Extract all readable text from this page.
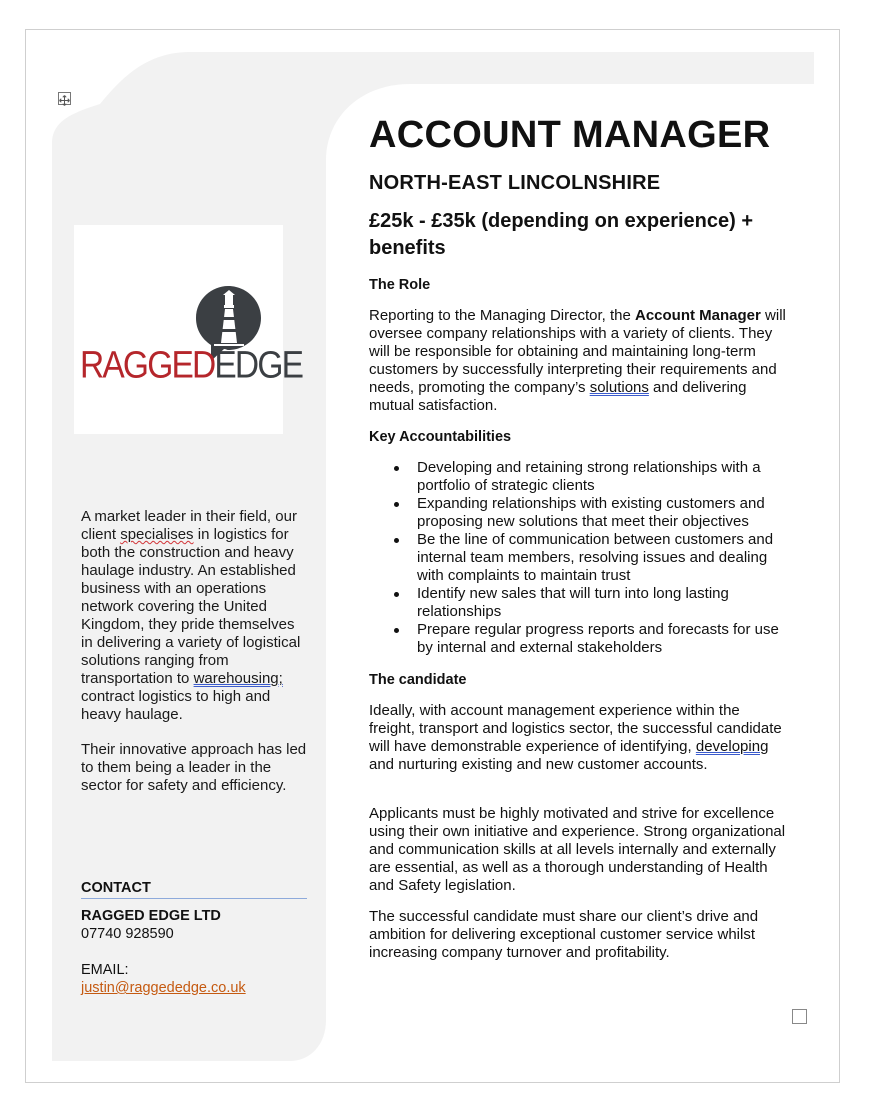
RAGGEDEDGE

A market leader in their field, our client specialises in logistics for both the construction and heavy haulage industry. An established business with an operations network covering the United Kingdom, they pride themselves in delivering a variety of logistical solutions ranging from transportation to warehousing; contract logistics to high and heavy haulage.

Their innovative approach has led to them being a leader in the sector for safety and efficiency.

CONTACT
RAGGED EDGE LTD
07740 928590
EMAIL:
justin@raggededge.co.uk
ACCOUNT MANAGER
NORTH-EAST LINCOLNSHIRE
£25k - £35k (depending on experience) + benefits
The Role

Reporting to the Managing Director, the Account Manager will oversee company relationships with a variety of clients. They will be responsible for obtaining and maintaining long-term customers by successfully interpreting their requirements and needs, promoting the company’s solutions and delivering mutual satisfaction.

Key Accountabilities
Developing and retaining strong relationships with a portfolio of strategic clients
Expanding relationships with existing customers and proposing new solutions that meet their objectives
Be the line of communication between customers and internal team members, resolving issues and dealing with complaints to maintain trust
Identify new sales that will turn into long lasting relationships
Prepare regular progress reports and forecasts for use by internal and external stakeholders
The candidate

Ideally, with account management experience within the freight, transport and logistics sector, the successful candidate will have demonstrable experience of identifying, developing and nurturing existing and new customer accounts.

Applicants must be highly motivated and strive for excellence using their own initiative and experience. Strong organizational and communication skills at all levels internally and externally are essential, as well as a thorough understanding of Health and Safety legislation.

The successful candidate must share our client’s drive and ambition for delivering exceptional customer service whilst increasing company turnover and profitability.
